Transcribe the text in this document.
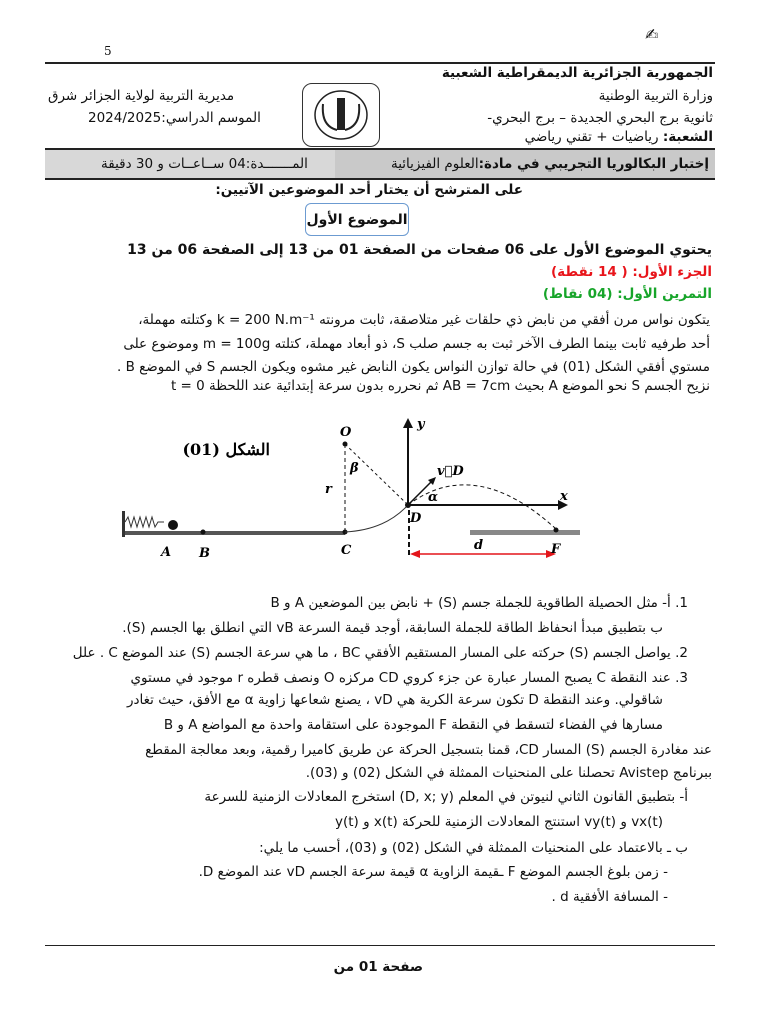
5
✍
الجمهورية الجزائرية الديمقراطية الشعبية
وزارة التربية الوطنية
ثانوية برج البحري الجديدة – برج البحري-
الشعبة: رياضيات + تقني رياضي
مديرية التربية لولاية الجزائر شرق
الموسم الدراسي:2024/2025
إختبار البكالوريا التجريبي في مادة:العلوم الفيزيائية
المـــــــدة:04 ســاعــات و 30 دقيقة
على المترشح أن يختار أحد الموضوعين الآتيين:
الموضوع الأول
يحتوي الموضوع الأول على 06 صفحات من الصفحة 01 من 13 إلى الصفحة 06 من 13
الجزء الأول: ( 14 نقطة)
التمرين الأول: (04 نقاط)
يتكون نواس مرن أفقي من نابض ذي حلقات غير متلاصقة، ثابت مرونته k = 200 N.m⁻¹ وكتلته مهملة،
أحد طرفيه ثابت بينما الطرف الآخر ثبت به جسم صلب S، ذو أبعاد مهملة، كتلته m = 100g وموضوع على
مستوي أفقي الشكل (01) في حالة توازن النواس يكون النابض غير مشوه ويكون الجسم S في الموضع B .
نزيح الجسم S نحو الموضع A بحيث AB = 7cm ثم نحرره بدون سرعة إبتدائية عند اللحظة t = 0
الشكل (01)
O
β
r
y
x
v⃗D
α
D
A B	C	d	F
1. أ- مثل الحصيلة الطاقوية للجملة جسم (S) + نابض بين الموضعين A و B
ب بتطبيق مبدأ انحفاظ الطاقة للجملة السابقة، أوجد قيمة السرعة vB التي انطلق بها الجسم (S).
2. يواصل الجسم (S) حركته على المسار المستقيم الأفقي BC ، ما هي سرعة الجسم (S) عند الموضع C . علل
3. عند النقطة C يصبح المسار عبارة عن جزء كروي CD مركزه O ونصف قطره r موجود في مستوي
شاقولي. وعند النقطة D تكون سرعة الكرية هي vD ، يصنع شعاعها زاوية α مع الأفق، حيث تغادر
مسارها في الفضاء لتسقط في النقطة F الموجودة على استقامة واحدة مع المواضع A و B
عند مغادرة الجسم (S) المسار CD، قمنا بتسجيل الحركة عن طريق كاميرا رقمية، وبعد معالجة المقطع
ببرنامج Avistep تحصلنا على المنحنيات الممثلة في الشكل (02) و (03).
أ- بتطبيق القانون الثاني لنيوتن في المعلم (D, x; y) استخرج المعادلات الزمنية للسرعة
vx(t) و vy(t) استنتج المعادلات الزمنية للحركة x(t) و y(t)
ب ـ بالاعتماد على المنحنيات الممثلة في الشكل (02) و (03)، أحسب ما يلي:
- زمن بلوغ الجسم الموضع F ـقيمة الزاوية α قيمة سرعة الجسم vD عند الموضع D.
- المسافة الأفقية d .
صفحة 01 من
